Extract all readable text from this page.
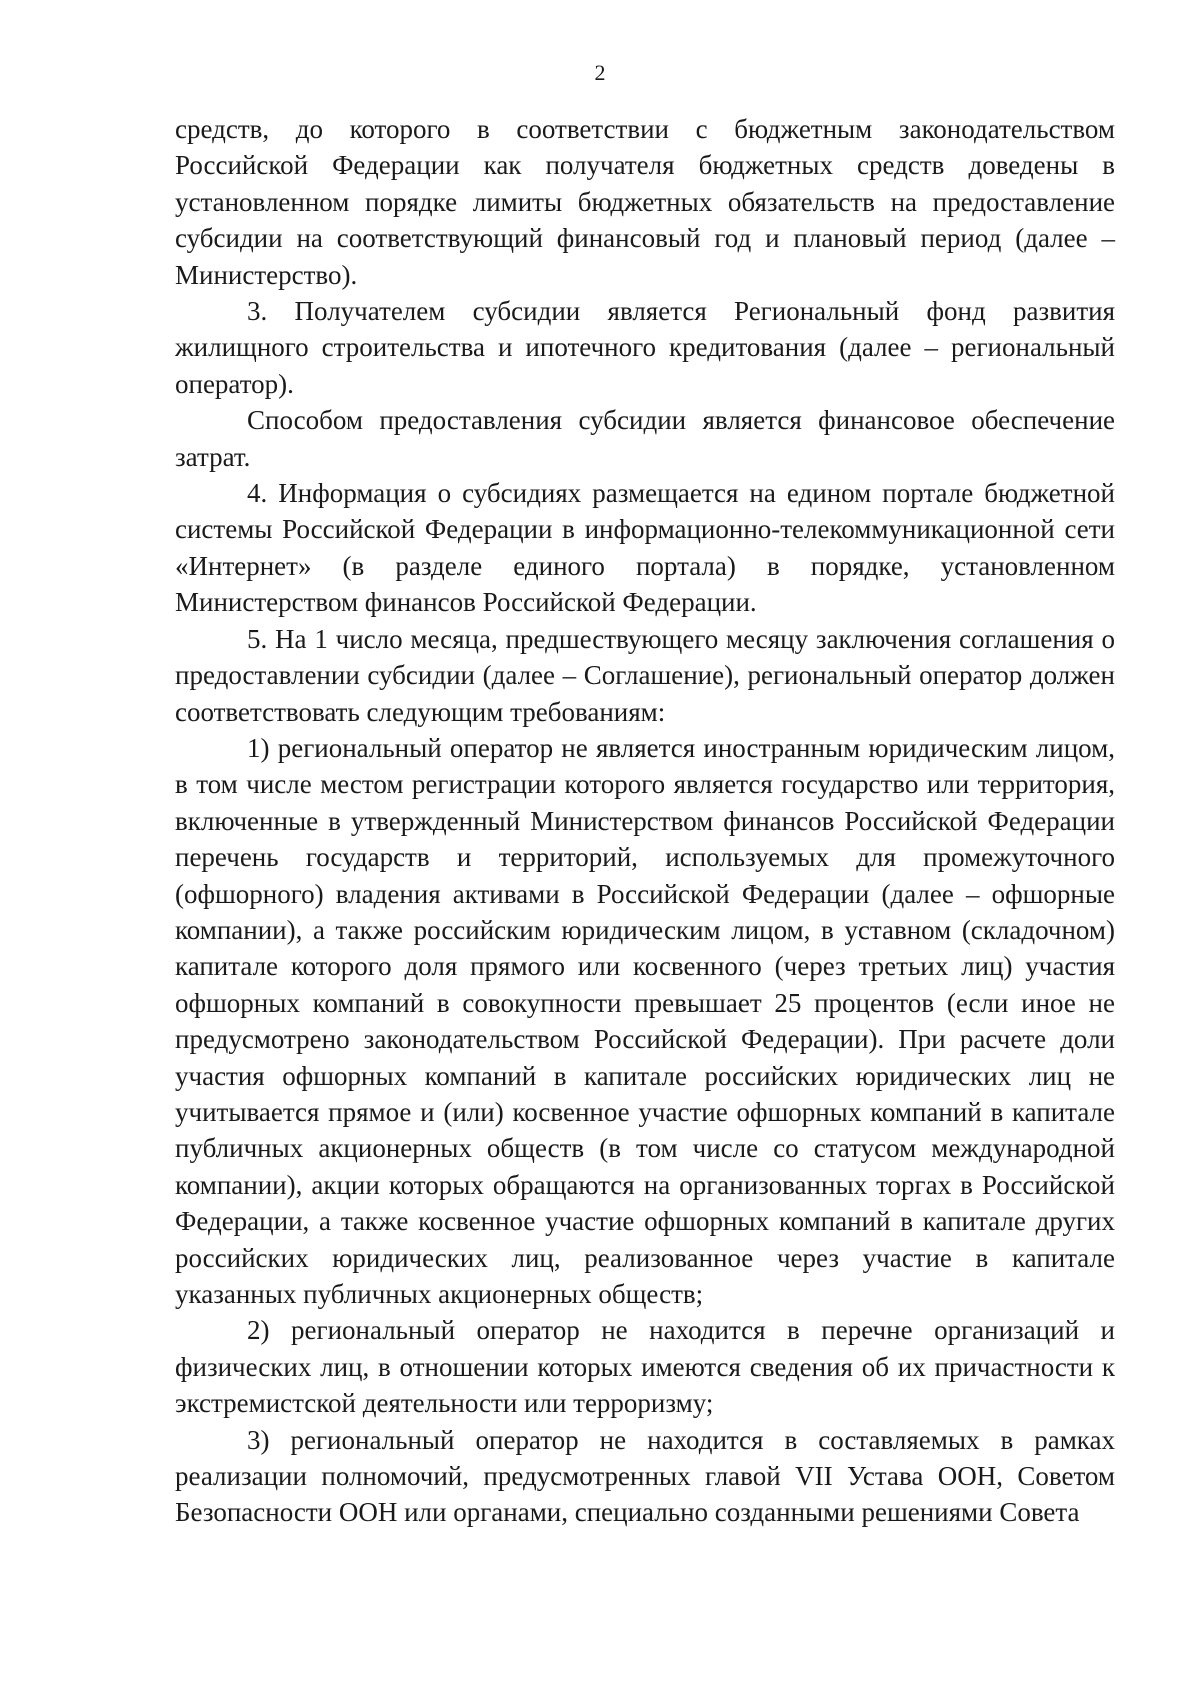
2

средств, до которого в соответствии с бюджетным законодательством Российской Федерации как получателя бюджетных средств доведены в установленном порядке лимиты бюджетных обязательств на предоставление субсидии на соответствующий финансовый год и плановый период (далее – Министерство).

3. Получателем субсидии является Региональный фонд развития жилищного строительства и ипотечного кредитования (далее – региональный оператор).

Способом предоставления субсидии является финансовое обеспечение затрат.

4. Информация о субсидиях размещается на едином портале бюджетной системы Российской Федерации в информационно-телекоммуникационной сети «Интернет» (в разделе единого портала) в порядке, установленном Министерством финансов Российской Федерации.

5. На 1 число месяца, предшествующего месяцу заключения соглашения о предоставлении субсидии (далее – Соглашение), региональный оператор должен соответствовать следующим требованиям:

1) региональный оператор не является иностранным юридическим лицом, в том числе местом регистрации которого является государство или территория, включенные в утвержденный Министерством финансов Российской Федерации перечень государств и территорий, используемых для промежуточного (офшорного) владения активами в Российской Федерации (далее – офшорные компании), а также российским юридическим лицом, в уставном (складочном) капитале которого доля прямого или косвенного (через третьих лиц) участия офшорных компаний в совокупности превышает 25 процентов (если иное не предусмотрено законодательством Российской Федерации). При расчете доли участия офшорных компаний в капитале российских юридических лиц не учитывается прямое и (или) косвенное участие офшорных компаний в капитале публичных акционерных обществ (в том числе со статусом международной компании), акции которых обращаются на организованных торгах в Российской Федерации, а также косвенное участие офшорных компаний в капитале других российских юридических лиц, реализованное через участие в капитале указанных публичных акционерных обществ;

2) региональный оператор не находится в перечне организаций и физических лиц, в отношении которых имеются сведения об их причастности к экстремистской деятельности или терроризму;

3) региональный оператор не находится в составляемых в рамках реализации полномочий, предусмотренных главой VII Устава ООН, Советом Безопасности ООН или органами, специально созданными решениями Совета
